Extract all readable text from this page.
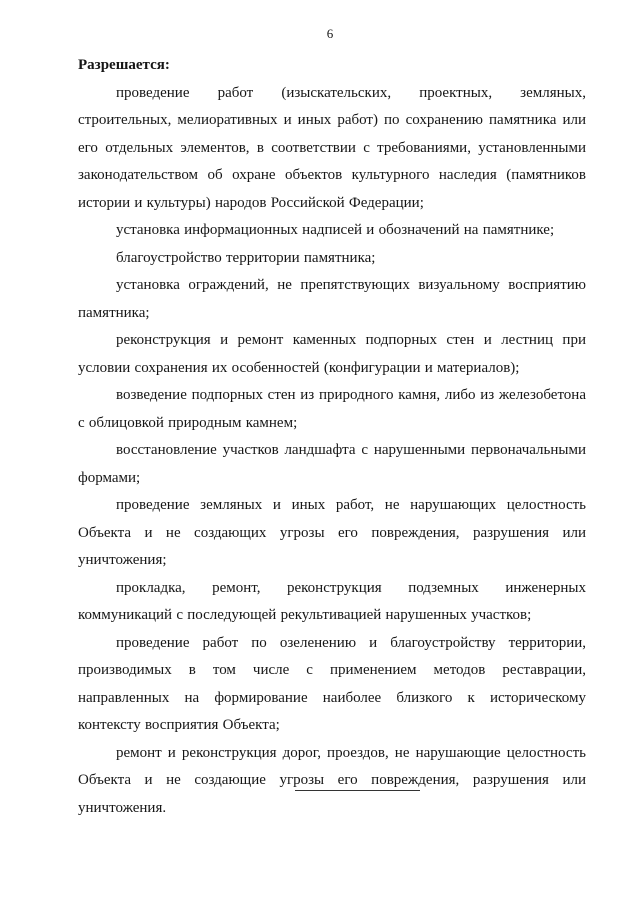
6

Разрешается:

проведение работ (изыскательских, проектных, земляных, строительных, мелиоративных и иных работ) по сохранению памятника или его отдельных элементов, в соответствии с требованиями, установленными законодательством об охране объектов культурного наследия (памятников истории и культуры) народов Российской Федерации;

установка информационных надписей и обозначений на памятнике;

благоустройство территории памятника;

установка ограждений, не препятствующих визуальному восприятию памятника;

реконструкция и ремонт каменных подпорных стен и лестниц при условии сохранения их особенностей (конфигурации и материалов);

возведение подпорных стен из природного камня, либо из железобетона с облицовкой природным камнем;

восстановление участков ландшафта с нарушенными первоначальными формами;

проведение земляных и иных работ, не нарушающих целостность Объекта и не создающих угрозы его повреждения, разрушения или уничтожения;

прокладка, ремонт, реконструкция подземных инженерных коммуникаций с последующей рекультивацией нарушенных участков;

проведение работ по озеленению и благоустройству территории, производимых в том числе с применением методов реставрации, направленных на формирование наиболее близкого к историческому контексту восприятия Объекта;

ремонт и реконструкция дорог, проездов, не нарушающие целостность Объекта и не создающие угрозы его повреждения, разрушения или уничтожения.
